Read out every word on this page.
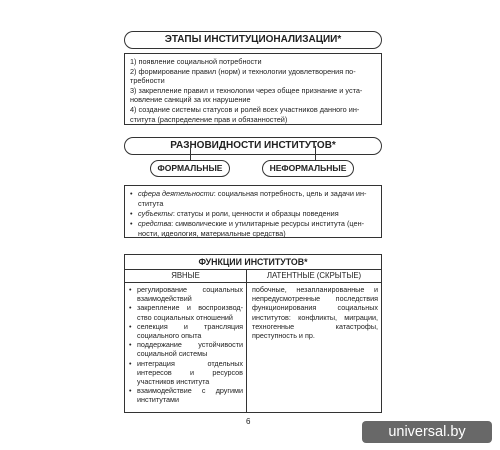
ЭТАПЫ ИНСТИТУЦИОНАЛИЗАЦИИ*
1) появление социальной потребности
2) формирование правил (норм) и технологии удовлетворения по-
требности
3) закрепление правил и технологии через общее признание и уста-
новление санкций за их нарушение
4) создание системы статусов и ролей всех участников данного ин-
ститута (распределение прав и обязанностей)
РАЗНОВИДНОСТИ ИНСТИТУТОВ*
ФОРМАЛЬНЫЕ	НЕФОРМАЛЬНЫЕ
• сфера деятельности: социальная потребность, цель и задачи ин-
ститута
• субъекты: статусы и роли, ценности и образцы поведения
• средства: символические и утилитарные ресурсы института (цен-
ности, идеология, материальные средства)
ФУНКЦИИ ИНСТИТУТОВ*
ЯВНЫЕ	ЛАТЕНТНЫЕ (СКРЫТЫЕ)
• регулирование социальных взаимодействий
• закрепление и воспроизвод-ство социальных отношений
• селекция и трансляция социального опыта
• поддержание устойчивости социальной системы
• интеграция отдельных интересов и ресурсов участников института
• взаимодействие с другими институтами
побочные, незапланированные и непредусмотренные последствия функционирования социальных институтов: конфликты, миграции, техногенные катастрофы, преступность и пр.
6
universal.by
